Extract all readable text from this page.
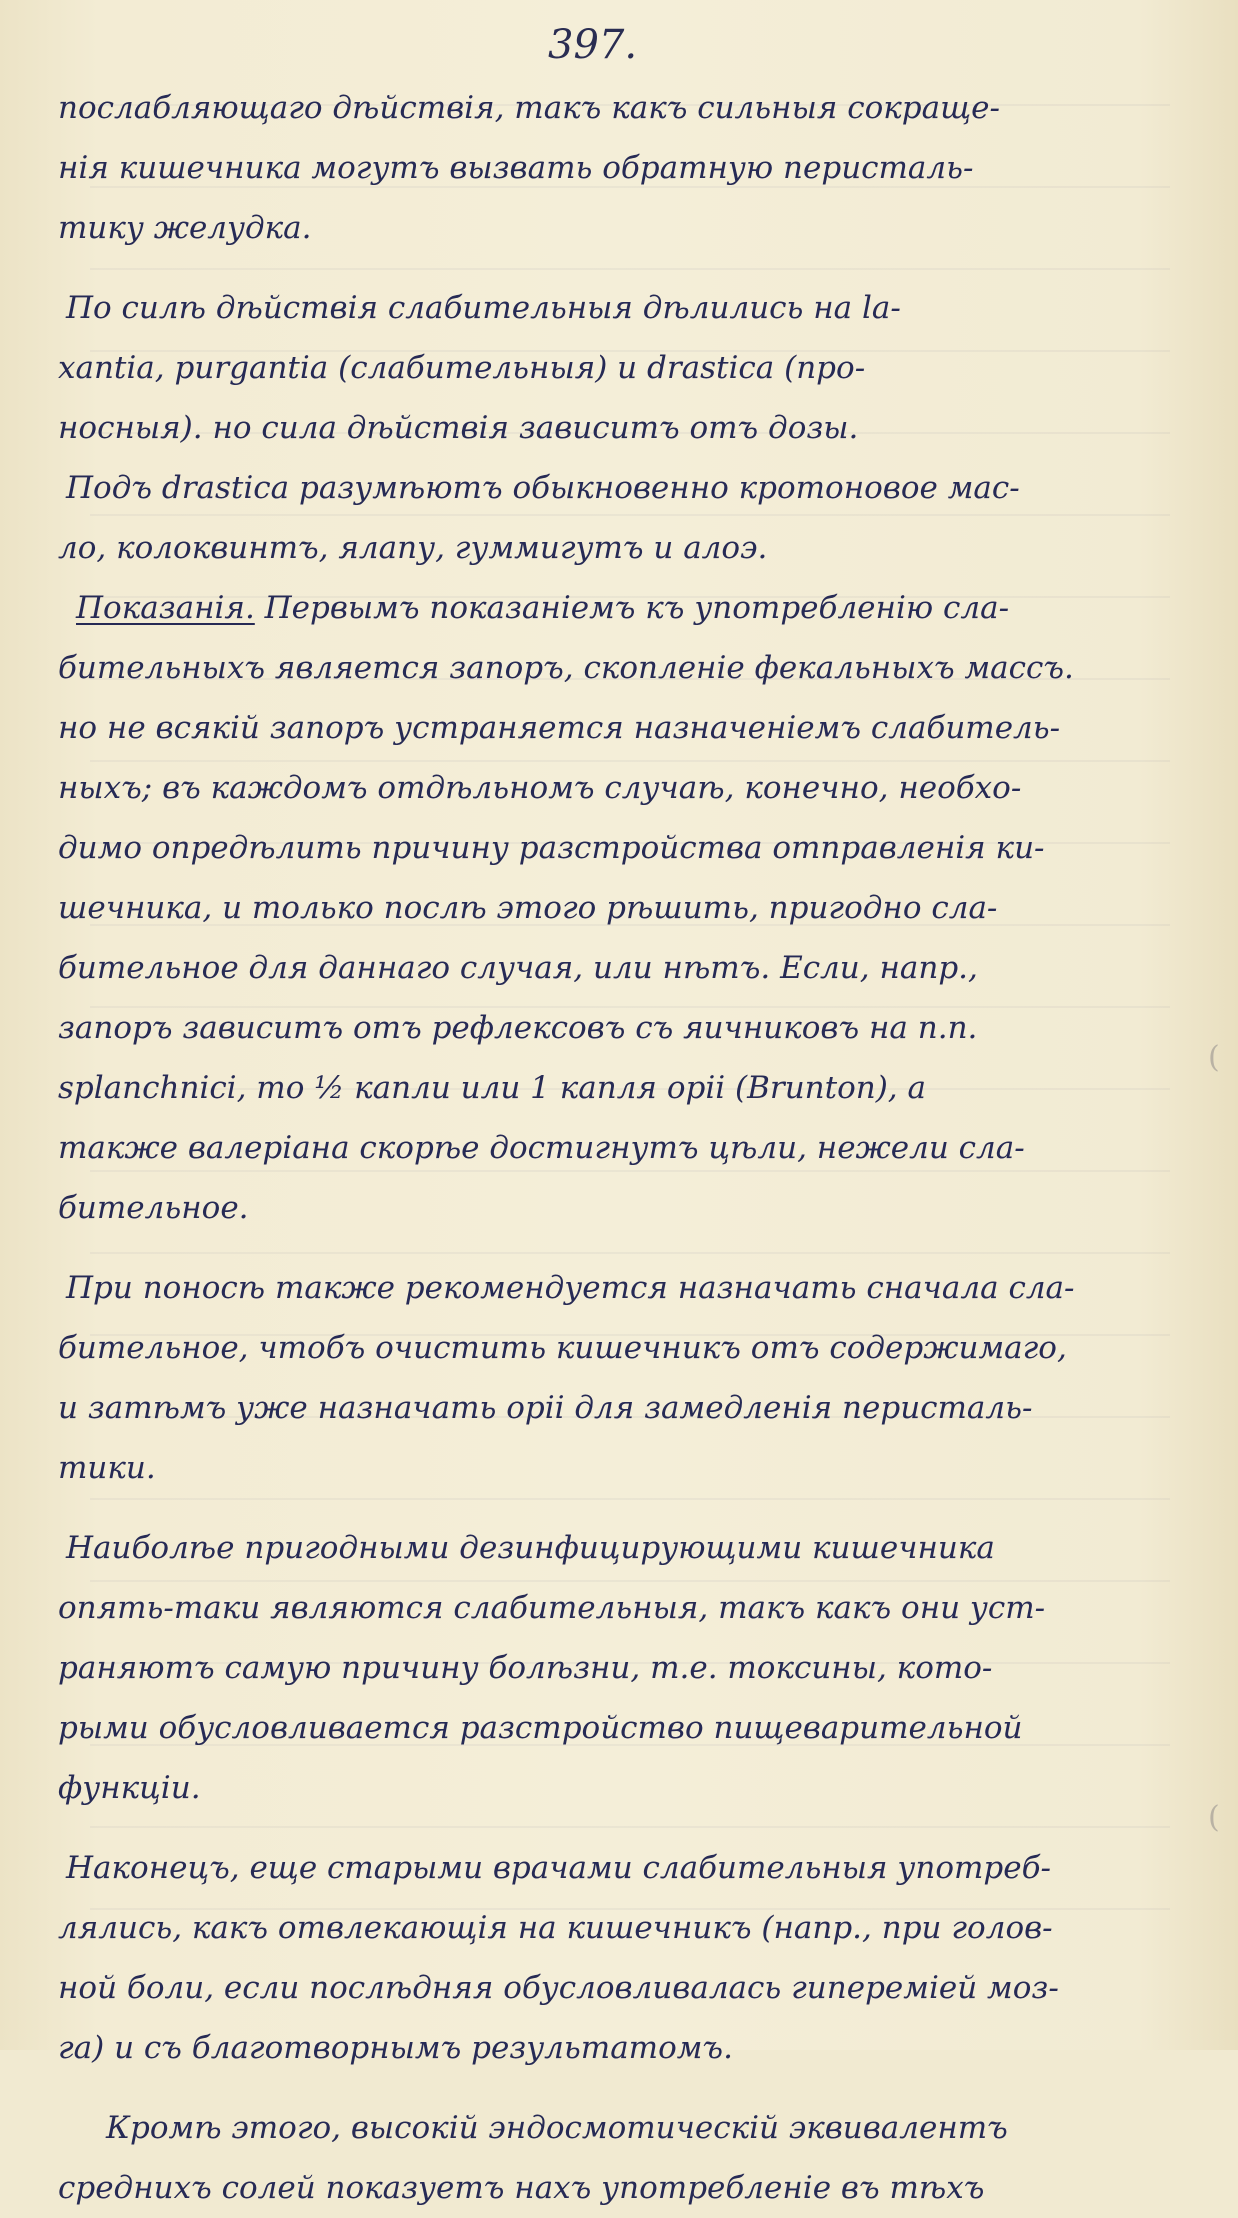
397.
послабляющаго дѣйствія, такъ какъ сильныя сокраще-
нія кишечника могутъ вызвать обратную перисталь-
тику желудка.
По силѣ дѣйствія слабительныя дѣлились на la-
xantia, purgantia (слабительныя) и drastica (про-
носныя). но сила дѣйствія зависитъ отъ дозы.
Подъ drastica разумѣютъ обыкновенно кротоновое мас-
ло, колоквинтъ, ялапу, гуммигутъ и алоэ.
Показанія. Первымъ показаніемъ къ употребленію сла-
бительныхъ является запоръ, скопленіе фекальныхъ массъ.
но не всякій запоръ устраняется назначеніемъ слабитель-
ныхъ; въ каждомъ отдѣльномъ случаѣ, конечно, необхо-
димо опредѣлить причину разстройства отправленія ки-
шечника, и только послѣ этого рѣшить, пригодно сла-
бительное для даннаго случая, или нѣтъ. Если, напр.,
запоръ зависитъ отъ рефлексовъ съ яичниковъ на n.n.
splanchnici, то ½ капли или 1 капля opii (Brunton), а
также валеріана скорѣе достигнутъ цѣли, нежели сла-
бительное.
При поносѣ также рекомендуется назначать сначала сла-
бительное, чтобъ очистить кишечникъ отъ содержимаго,
и затѣмъ уже назначать opii для замедленія перисталь-
тики.
Наиболѣе пригодными дезинфицирующими кишечника
опять-таки являются слабительныя, такъ какъ они уст-
раняютъ самую причину болѣзни, т.е. токсины, кото-
рыми обусловливается разстройство пищеварительной
функціи.
Наконецъ, еще старыми врачами слабительныя употреб-
лялись, какъ отвлекающія на кишечникъ (напр., при голов-
ной боли, если послѣдняя обусловливалась гиперемiей моз-
га) и съ благотворнымъ результатомъ.
Кромѣ этого, высокій эндосмотическій эквивалентъ
среднихъ солей показуетъ нахъ употребленіе въ тѣхъ
(
(
